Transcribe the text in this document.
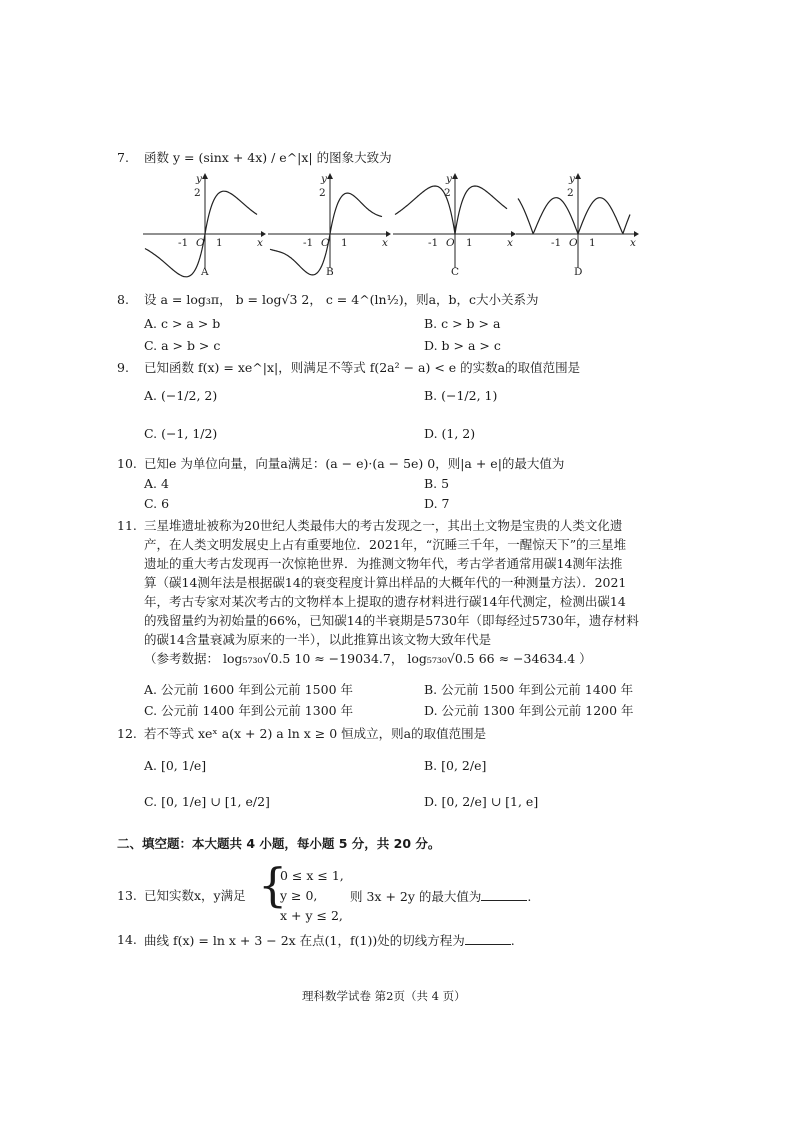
7. 函数 y = (sinx + 4x) / e^|x| 的图象大致为
y
x
-1 O 1
2
A
y
x
-1 O 1
2
B
y
x
-1 O 1
2
C
y
x
-1 O 1
2
D
8. 设 a = log₃π， b = log√3 2， c = 4^(ln½)，则a，b，c大小关系为
A. c > a > b	B. c > b > a
C. a > b > c	D. b > a > c
9. 已知函数 f(x) = xe^|x|，则满足不等式 f(2a² − a) < e 的实数a的取值范围是
A. (−1/2, 2)	B. (−1/2, 1)
C. (−1, 1/2)	D. (1, 2)
10. 已知e 为单位向量，向量a满足：(a − e)·(a − 5e) 0，则|a + e|的最大值为
A. 4	B. 5
C. 6	D. 7
11. 三星堆遗址被称为20世纪人类最伟大的考古发现之一，其出土文物是宝贵的人类文化遗
产，在人类文明发展史上占有重要地位．2021年，“沉睡三千年，一醒惊天下”的三星堆
遗址的重大考古发现再一次惊艳世界．为推测文物年代，考古学者通常用碳14测年法推
算（碳14测年法是根据碳14的衰变程度计算出样品的大概年代的一种测量方法）．2021
年，考古专家对某次考古的文物样本上提取的遗存材料进行碳14年代测定，检测出碳14
的残留量约为初始量的66%，已知碳14的半衰期是5730年（即每经过5730年，遗存材料
的碳14含量衰减为原来的一半），以此推算出该文物大致年代是
（参考数据： log₅₇₃₀√0.5 10 ≈ −19034.7， log₅₇₃₀√0.5 66 ≈ −34634.4 ）
A. 公元前 1600 年到公元前 1500 年	B. 公元前 1500 年到公元前 1400 年
C. 公元前 1400 年到公元前 1300 年	D. 公元前 1300 年到公元前 1200 年
12. 若不等式 xeˣ a(x + 2) a ln x ≥ 0 恒成立，则a的取值范围是
A. [0, 1/e]	B. [0, 2/e]
C. [0, 1/e] ∪ [1, e/2]	D. [0, 2/e] ∪ [1, e]
二、填空题：本大题共 4 小题，每小题 5 分，共 20 分。
13. 已知实数x，y满足 {
0 ≤ x ≤ 1,
y ≥ 0,
x + y ≤ 2,
则 3x + 2y 的最大值为	.
14. 曲线 f(x) = ln x + 3 − 2x 在点(1，f(1))处的切线方程为	.
理科数学试卷 第2页（共 4 页）
